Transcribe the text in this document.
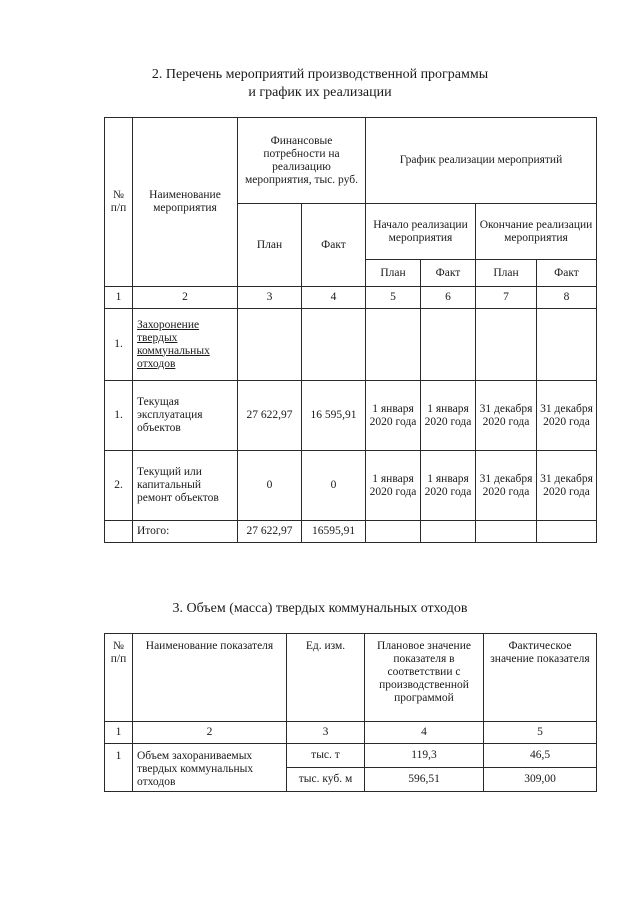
2. Перечень мероприятий производственной программы
и график их реализации
№ п/п	Наименование мероприятия	Финансовые потребности на реализацию мероприятия, тыс. руб.		График реализации мероприятий			
		План	Факт	Начало реализации мероприятия		Окончание реализации мероприятия	
				План	Факт	План	Факт
1	2	3	4	5	6	7	8
1.	Захоронение твердых коммунальных отходов						
1.	Текущая эксплуатация объектов	27 622,97	16 595,91	1 января 2020 года	1 января 2020 года	31 декабря 2020 года	31 декабря 2020 года
2.	Текущий или капитальный ремонт объектов	0	0	1 января 2020 года	1 января 2020 года	31 декабря 2020 года	31 декабря 2020 года
	Итого:	27 622,97	16595,91				
3. Объем (масса) твердых коммунальных отходов
№ п/п	Наименование показателя	Ед. изм.	Плановое значение показателя в соответствии с производственной программой	Фактическое значение показателя
1	2	3	4	5
1	Объем захораниваемых твердых коммунальных отходов	тыс. т	119,3	46,5
		тыс. куб. м	596,51	309,00
